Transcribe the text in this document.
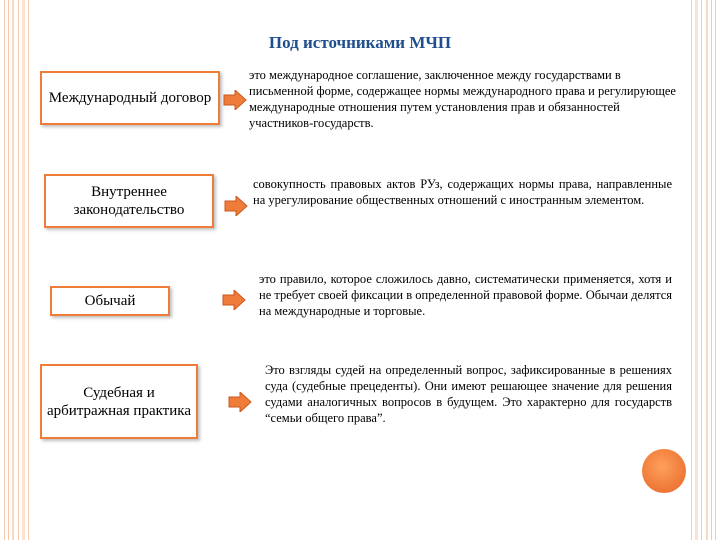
Под источниками МЧП
Международный договор
это международное соглашение, заключенное между государствами в письменной форме, содержащее нормы международного права и регулирующее международные отношения путем установления прав и обязанностей участников-государств.
Внутреннее законодательство
совокупность правовых актов РУз, содержащих нормы права, направленные на урегулирование общественных отношений с иностранным элементом.
Обычай
это правило, которое сложилось давно, систематически применяется, хотя и не требует своей фиксации в определенной правовой форме. Обычаи делятся на международные и торговые.
Судебная и арбитражная практика
Это взгляды судей на определенный вопрос, зафиксированные в решениях суда (судебные прецеденты). Они имеют решающее значение для решения судами аналогичных вопросов в будущем. Это характерно для государств “семьи общего права”.
